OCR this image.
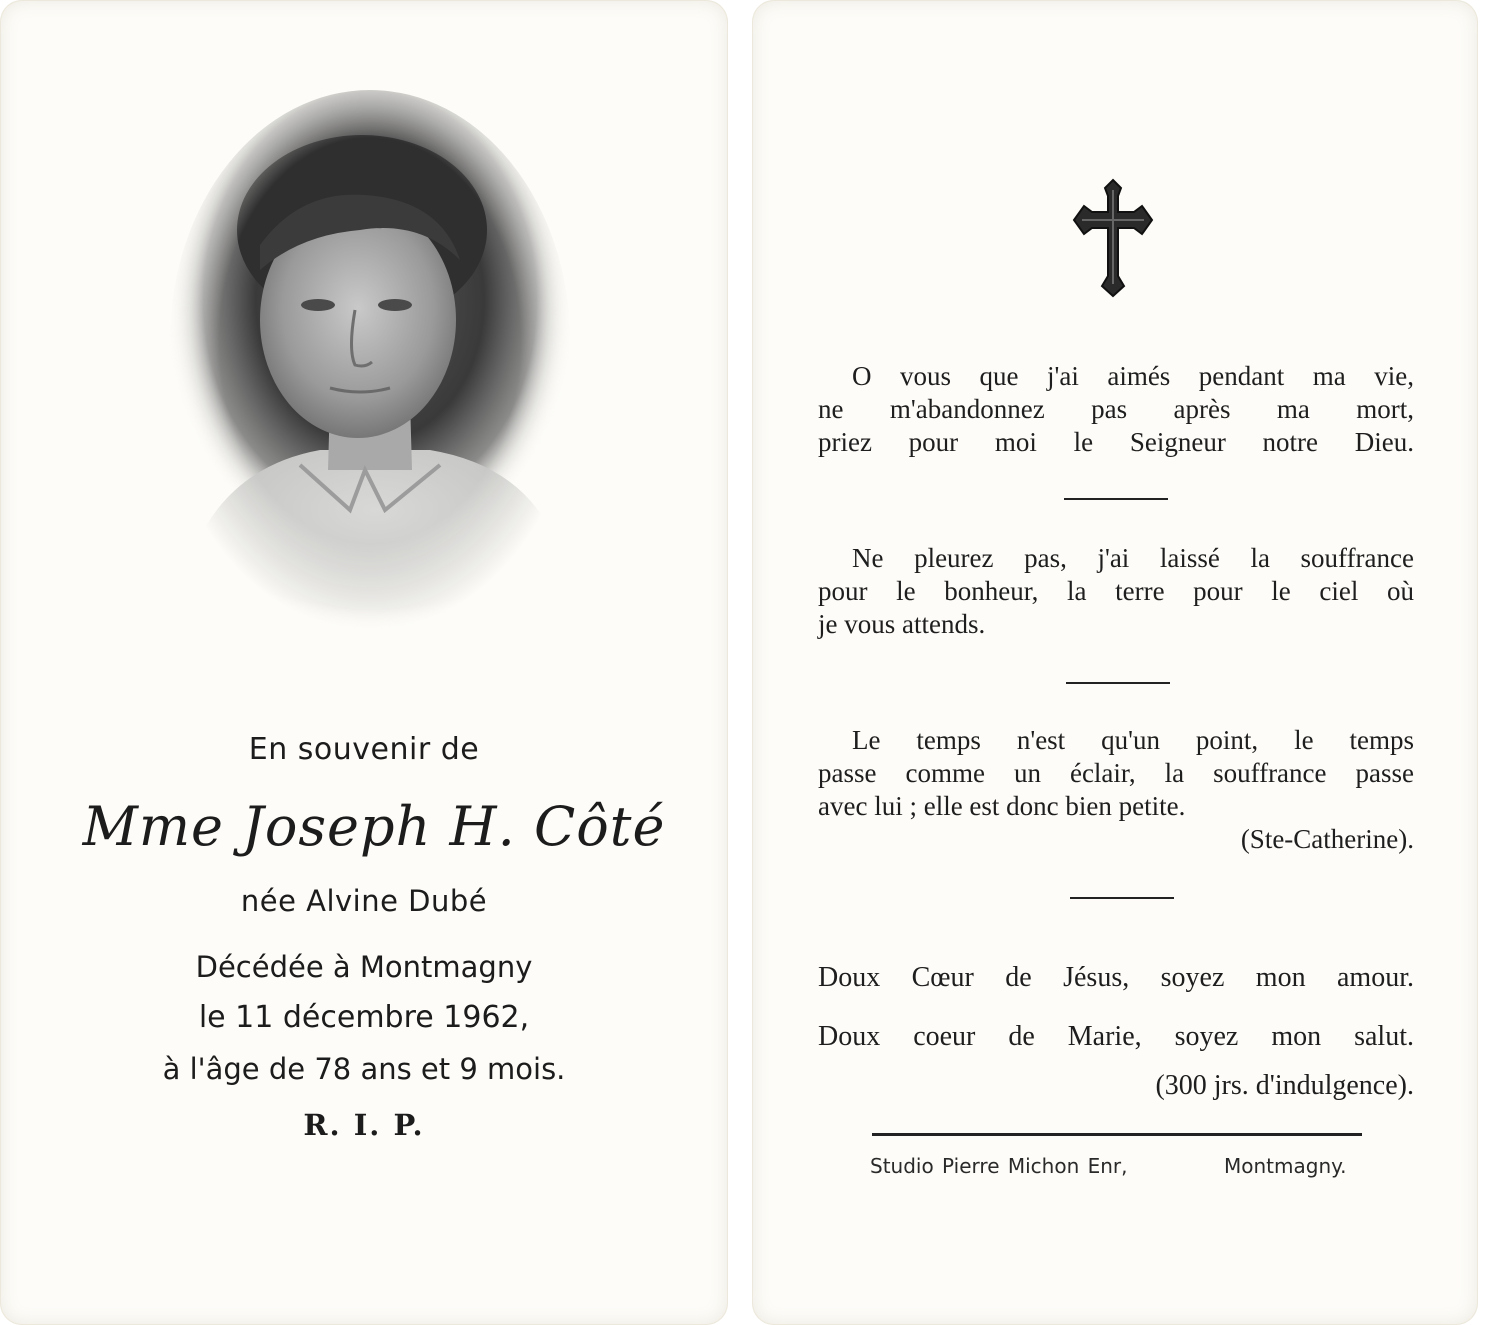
En souvenir de
Mme Joseph H. Côté
née Alvine Dubé
Décédée à Montmagny
le 11 décembre 1962,
à l'âge de 78 ans et 9 mois.
R. I. P.
O vous que j'ai aimés pendant ma vie,
ne m'abandonnez pas après ma mort,
priez pour moi le Seigneur notre Dieu.
Ne pleurez pas, j'ai laissé la souffrance
pour le bonheur, la terre pour le ciel où
je vous attends.
Le temps n'est qu'un point, le temps
passe comme un éclair, la souffrance passe
avec lui ; elle est donc bien petite.
(Ste-Catherine).
Doux Cœur de Jésus, soyez mon amour.
Doux coeur de Marie, soyez mon salut.
(300 jrs. d'indulgence).
Studio Pierre Michon Enr,	Montmagny.
